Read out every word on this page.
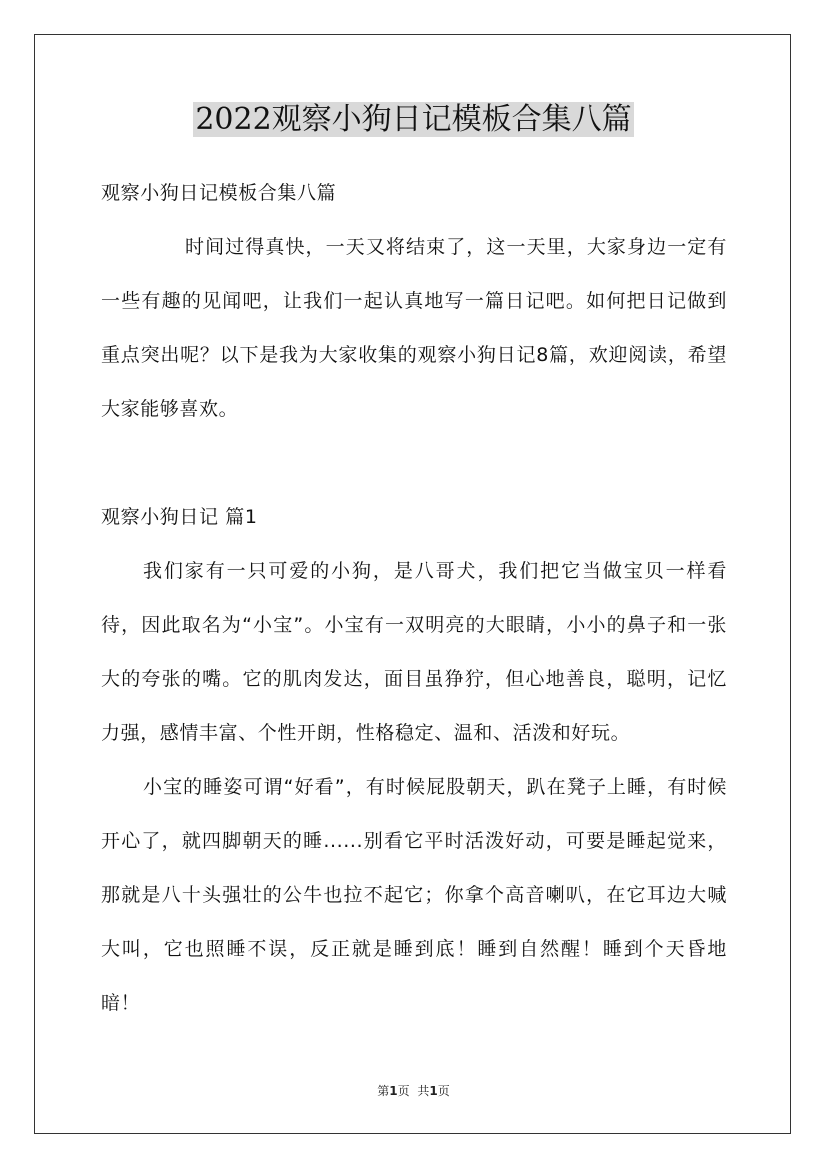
2022观察小狗日记模板合集八篇

观察小狗日记模板合集八篇

时间过得真快，一天又将结束了，这一天里，大家身边一定有一些有趣的见闻吧，让我们一起认真地写一篇日记吧。如何把日记做到重点突出呢？以下是我为大家收集的观察小狗日记8篇，欢迎阅读，希望大家能够喜欢。

观察小狗日记 篇1

我们家有一只可爱的小狗，是八哥犬，我们把它当做宝贝一样看待，因此取名为“小宝”。小宝有一双明亮的大眼睛，小小的鼻子和一张大的夸张的嘴。它的肌肉发达，面目虽狰狞，但心地善良，聪明，记忆力强，感情丰富、个性开朗，性格稳定、温和、活泼和好玩。

小宝的睡姿可谓“好看”，有时候屁股朝天，趴在凳子上睡，有时候开心了，就四脚朝天的睡......别看它平时活泼好动，可要是睡起觉来，那就是八十头强壮的公牛也拉不起它；你拿个高音喇叭，在它耳边大喊大叫，它也照睡不误，反正就是睡到底！睡到自然醒！睡到个天昏地暗！

第1页 共1页
